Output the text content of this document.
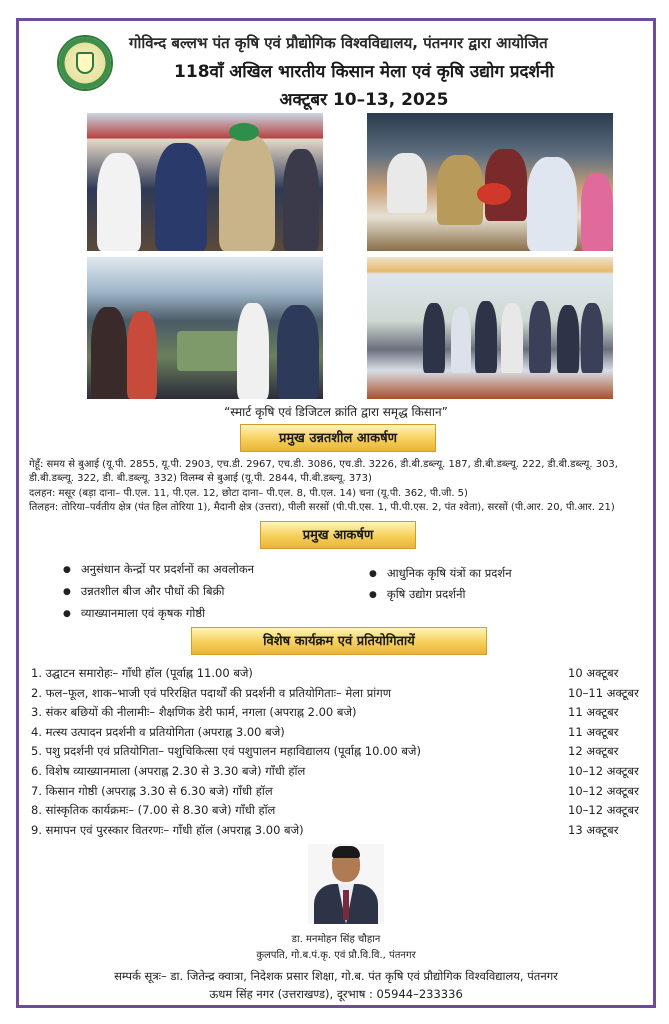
गोविन्द बल्लभ पंत कृषि एवं प्रौद्योगिक विश्वविद्यालय, पंतनगर द्वारा आयोजित
118वाँ अखिल भारतीय किसान मेला एवं कृषि उद्योग प्रदर्शनी
अक्टूबर 10–13, 2025
“स्मार्ट कृषि एवं डिजिटल क्रांति द्वारा समृद्ध किसान”
प्रमुख उन्नतशील आकर्षण
गेहूँ: समय से बुआई (यू.पी. 2855, यू.पी. 2903, एच.डी. 2967, एच.डी. 3086, एच.डी. 3226, डी.बी.डब्ल्यू. 187, डी.बी.डब्ल्यू. 222, डी.बी.डब्ल्यू. 303, डी.बी.डब्ल्यू. 322, डी. बी.डब्ल्यू. 332) विलम्ब से बुआई (यू.पी. 2844, पी.बी.डब्ल्यू. 373)
दलहन: मसूर (बड़ा दाना– पी.एल. 11, पी.एल. 12, छोटा दाना– पी.एल. 8, पी.एल. 14) चना (यू.पी. 362, पी.जी. 5)
तिलहन: तोरिया–पर्वतीय क्षेत्र (पंत हिल तोरिया 1), मैदानी क्षेत्र (उत्तरा), पीली सरसों (पी.पी.एस. 1, पी.पी.एस. 2, पंत श्वेता), सरसों (पी.आर. 20, पी.आर. 21)
प्रमुख आकर्षण
● अनुसंधान केन्द्रों पर प्रदर्शनों का अवलोकन
● उन्नतशील बीज और पौधों की बिक्री
● व्याख्यानमाला एवं कृषक गोष्ठी
● आधुनिक कृषि यंत्रों का प्रदर्शन
● कृषि उद्योग प्रदर्शनी
विशेष कार्यक्रम एवं प्रतियोगितायें
1. उद्घाटन समारोहः– गाँधी हॉल (पूर्वाह्न 11.00 बजे)	10 अक्टूबर
2. फल–फूल, शाक–भाजी एवं परिरक्षित पदार्थों की प्रदर्शनी व प्रतियोगिताः– मेला प्रांगण	10–11 अक्टूबर
3. संकर बछियों की नीलामीः– शैक्षणिक डेरी फार्म, नगला (अपराह्न 2.00 बजे)	11 अक्टूबर
4. मत्स्य उत्पादन प्रदर्शनी व प्रतियोगिता (अपराह्न 3.00 बजे)	11 अक्टूबर
5. पशु प्रदर्शनी एवं प्रतियोगिता– पशुचिकित्सा एवं पशुपालन महाविद्यालय (पूर्वाह्न 10.00 बजे)	12 अक्टूबर
6. विशेष व्याख्यानमाला (अपराह्न 2.30 से 3.30 बजे) गाँधी हॉल	10–12 अक्टूबर
7. किसान गोष्ठी (अपराह्न 3.30 से 6.30 बजे) गाँधी हॉल	10–12 अक्टूबर
8. सांस्कृतिक कार्यक्रमः– (7.00 से 8.30 बजे) गाँधी हॉल	10–12 अक्टूबर
9. समापन एवं पुरस्कार वितरणः– गाँधी हॉल (अपराह्न 3.00 बजे)	13 अक्टूबर
डा. मनमोहन सिंह चौहान
कुलपति, गो.ब.पं.कृ. एवं प्रौ.वि.वि., पंतनगर
सम्पर्क सूत्रः– डा. जितेन्द्र क्वात्रा, निदेशक प्रसार शिक्षा, गो.ब. पंत कृषि एवं प्रौद्योगिक विश्वविद्यालय, पंतनगर
ऊधम सिंह नगर (उत्तराखण्ड), दूरभाष : 05944–233336
